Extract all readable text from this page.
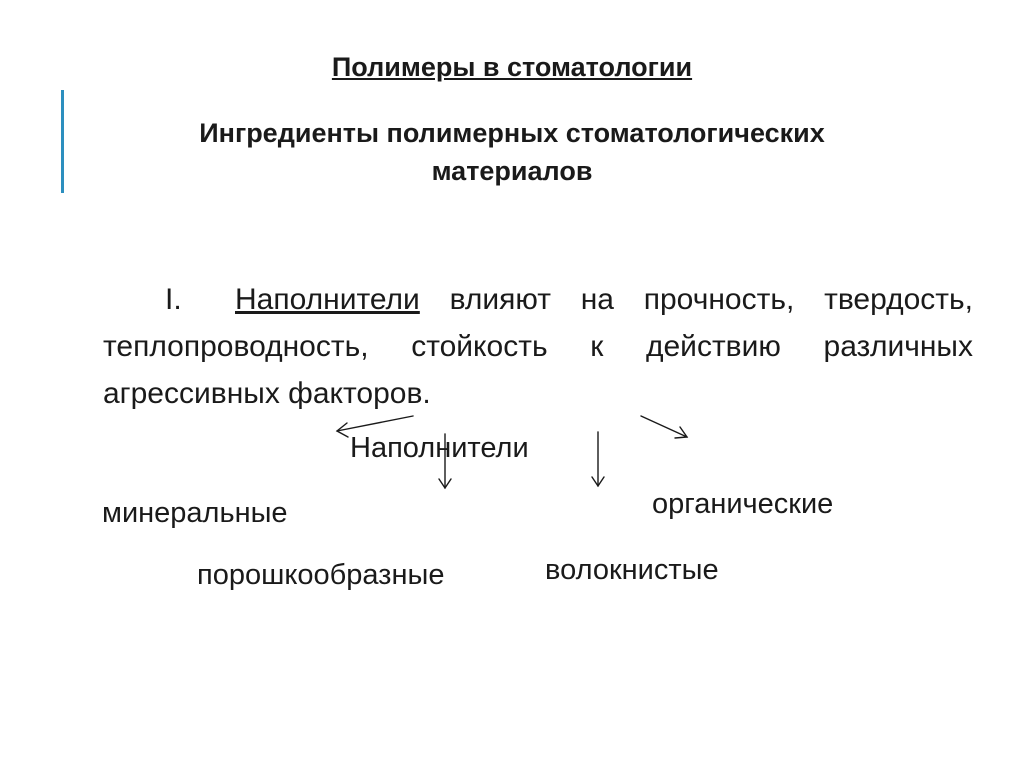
Полимеры в стоматологии
Ингредиенты полимерных стоматологических материалов
I. Наполнители влияют на прочность, твердость, теплопроводность, стойкость к действию различных агрессивных факторов.
Наполнители
минеральные	органические
порошкообразные	волокнистые
